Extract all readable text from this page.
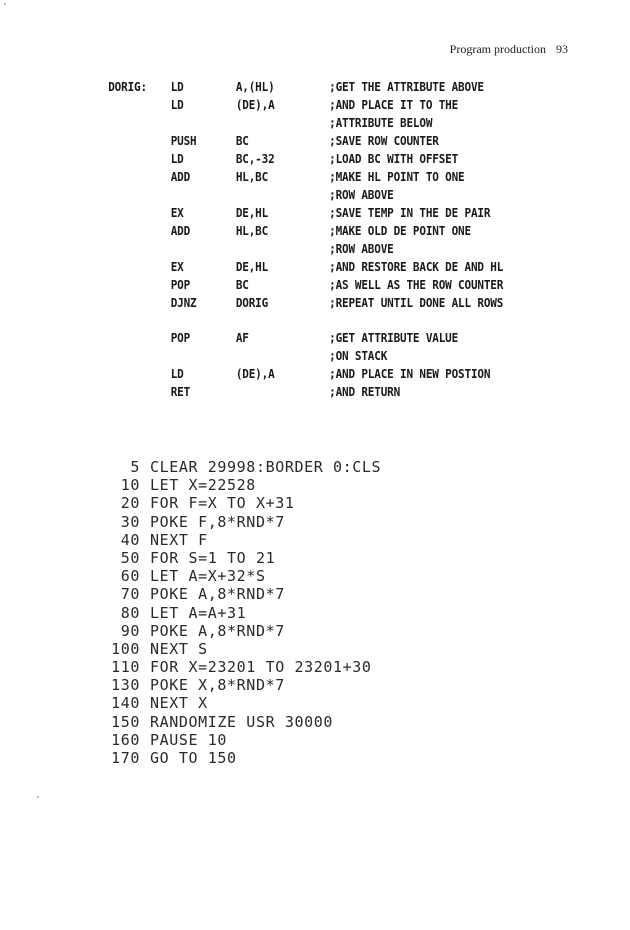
Program production 93
DORIG: LD	A,(HL)	;GET THE ATTRIBUTE ABOVE
LD	(DE),A	;AND PLACE IT TO THE
;ATTRIBUTE BELOW
PUSH	BC	;SAVE ROW COUNTER
LD	BC,-32	;LOAD BC WITH OFFSET
ADD	HL,BC	;MAKE HL POINT TO ONE
;ROW ABOVE
EX	DE,HL	;SAVE TEMP IN THE DE PAIR
ADD	HL,BC	;MAKE OLD DE POINT ONE
;ROW ABOVE
EX	DE,HL	;AND RESTORE BACK DE AND HL
POP	BC	;AS WELL AS THE ROW COUNTER
DJNZ	DORIG	;REPEAT UNTIL DONE ALL ROWS
POP	AF	;GET ATTRIBUTE VALUE
;ON STACK
LD	(DE),A	;AND PLACE IN NEW POSTION
RET	;AND RETURN
5 CLEAR 29998:BORDER 0:CLS
10 LET X=22528
20 FOR F=X TO X+31
30 POKE F,8*RND*7
40 NEXT F
50 FOR S=1 TO 21
60 LET A=X+32*S
70 POKE A,8*RND*7
80 LET A=A+31
90 POKE A,8*RND*7
100 NEXT S
110 FOR X=23201 TO 23201+30
130 POKE X,8*RND*7
140 NEXT X
150 RANDOMIZE USR 30000
160 PAUSE 10
170 GO TO 150
